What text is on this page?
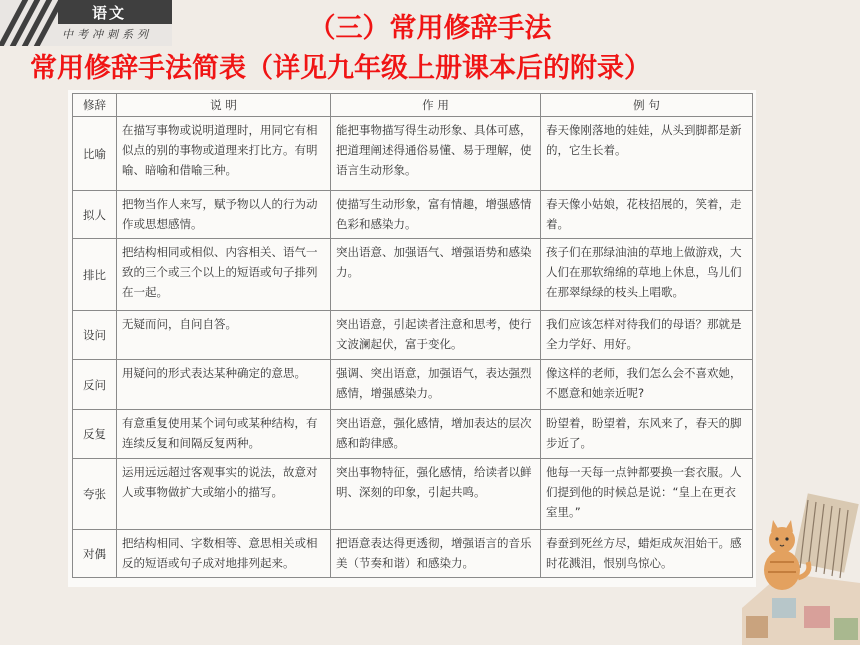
语文
中考冲刺系列	（三）常用修辞手法
常用修辞手法简表（详见九年级上册课本后的附录）
修辞	说 明	作 用	例 句
比喻	在描写事物或说明道理时，用同它有相似点的别的事物或道理来打比方。有明喻、暗喻和借喻三种。	能把事物描写得生动形象、具体可感，把道理阐述得通俗易懂、易于理解，使语言生动形象。	春天像刚落地的娃娃，从头到脚都是新的，它生长着。
拟人	把物当作人来写，赋予物以人的行为动作或思想感情。	使描写生动形象，富有情趣，增强感情色彩和感染力。	春天像小姑娘，花枝招展的，笑着，走着。
排比	把结构相同或相似、内容相关、语气一致的三个或三个以上的短语或句子排列在一起。	突出语意、加强语气、增强语势和感染力。	孩子们在那绿油油的草地上做游戏，大人们在那软绵绵的草地上休息，鸟儿们在那翠绿绿的枝头上唱歌。
设问	无疑而问，自问自答。	突出语意，引起读者注意和思考，使行文波澜起伏，富于变化。	我们应该怎样对待我们的母语？那就是全力学好、用好。
反问	用疑问的形式表达某种确定的意思。	强调、突出语意，加强语气，表达强烈感情，增强感染力。	像这样的老师，我们怎么会不喜欢她，不愿意和她亲近呢?
反复	有意重复使用某个词句或某种结构，有连续反复和间隔反复两种。	突出语意，强化感情，增加表达的层次感和韵律感。	盼望着，盼望着，东风来了，春天的脚步近了。
夸张	运用远远超过客观事实的说法，故意对人或事物做扩大或缩小的描写。	突出事物特征，强化感情，给读者以鲜明、深刻的印象，引起共鸣。	他每一天每一点钟都要换一套衣服。人们提到他的时候总是说：“皇上在更衣室里。”
对偶	把结构相同、字数相等、意思相关或相反的短语或句子成对地排列起来。	把语意表达得更透彻，增强语言的音乐美（节奏和谐）和感染力。	春蚕到死丝方尽，蜡炬成灰泪始干。感时花溅泪，恨别鸟惊心。
